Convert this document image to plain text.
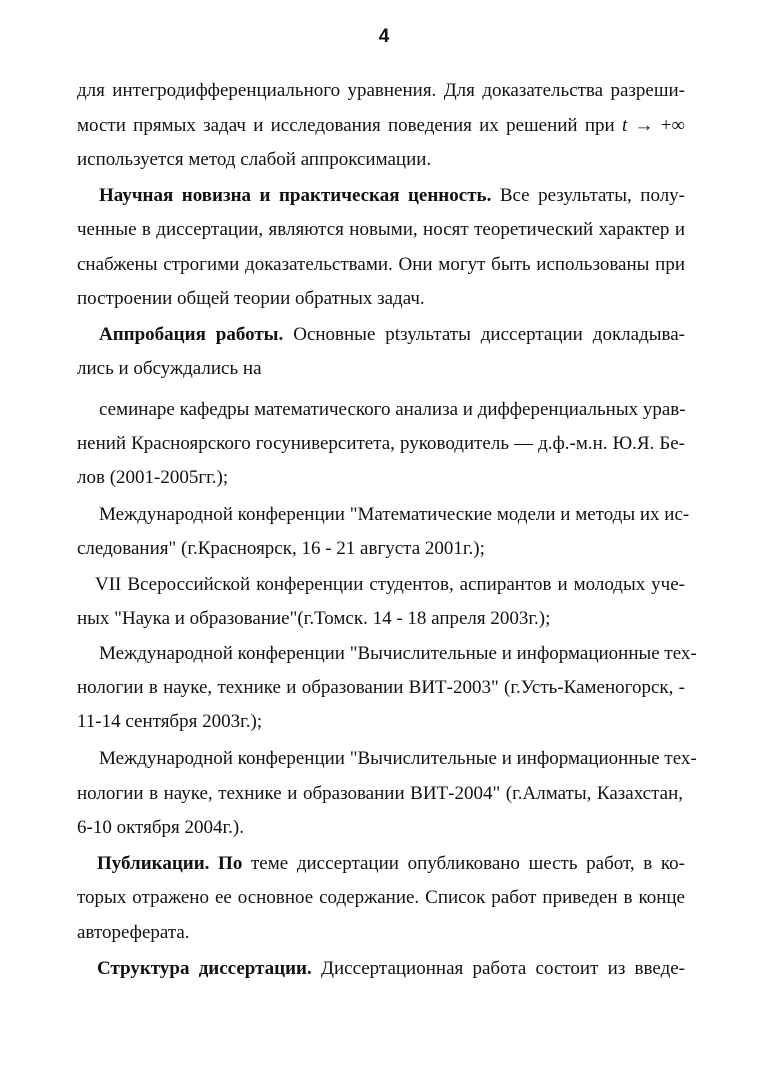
4
для интегродифференциального уравнения. Для доказательства разреши-
мости прямых задач и исследования поведения их решений при t → +∞
используется метод слабой аппроксимации.
Научная новизна и практическая ценность. Все результаты, полу-
ченные в диссертации, являются новыми, носят теоретический характер и
снабжены строгими доказательствами. Они могут быть использованы при
построении общей теории обратных задач.
Аппробация работы. Основные рtзультаты диссертации докладыва-
лись и обсуждались на
семинаре кафедры математического анализа и дифференциальных урав-
нений Красноярского госуниверситета, руководитель — д.ф.-м.н. Ю.Я. Бе-
лов (2001-2005гг.);
Международной конференции "Математические модели и методы их ис-
следования" (г.Красноярск, 16 - 21 августа 2001г.);
VII Всероссийской конференции студентов, аспирантов и молодых уче-
ных "Наука и образование"(г.Томск. 14 - 18 апреля 2003г.);
Международной конференции "Вычислительные и информационные тех-
нологии в науке, технике и образовании ВИТ-2003" (г.Усть-Каменогорск, -
11-14 сентября 2003г.);
Международной конференции "Вычислительные и информационные тех-
нологии в науке, технике и образовании ВИТ-2004" (г.Алматы, Казахстан,
6-10 октября 2004г.).
Публикации. По теме диссертации опубликовано шесть работ, в ко-
торых отражено ее основное содержание. Список работ приведен в конце
автореферата.
Структура диссертации. Диссертационная работа состоит из введе-
